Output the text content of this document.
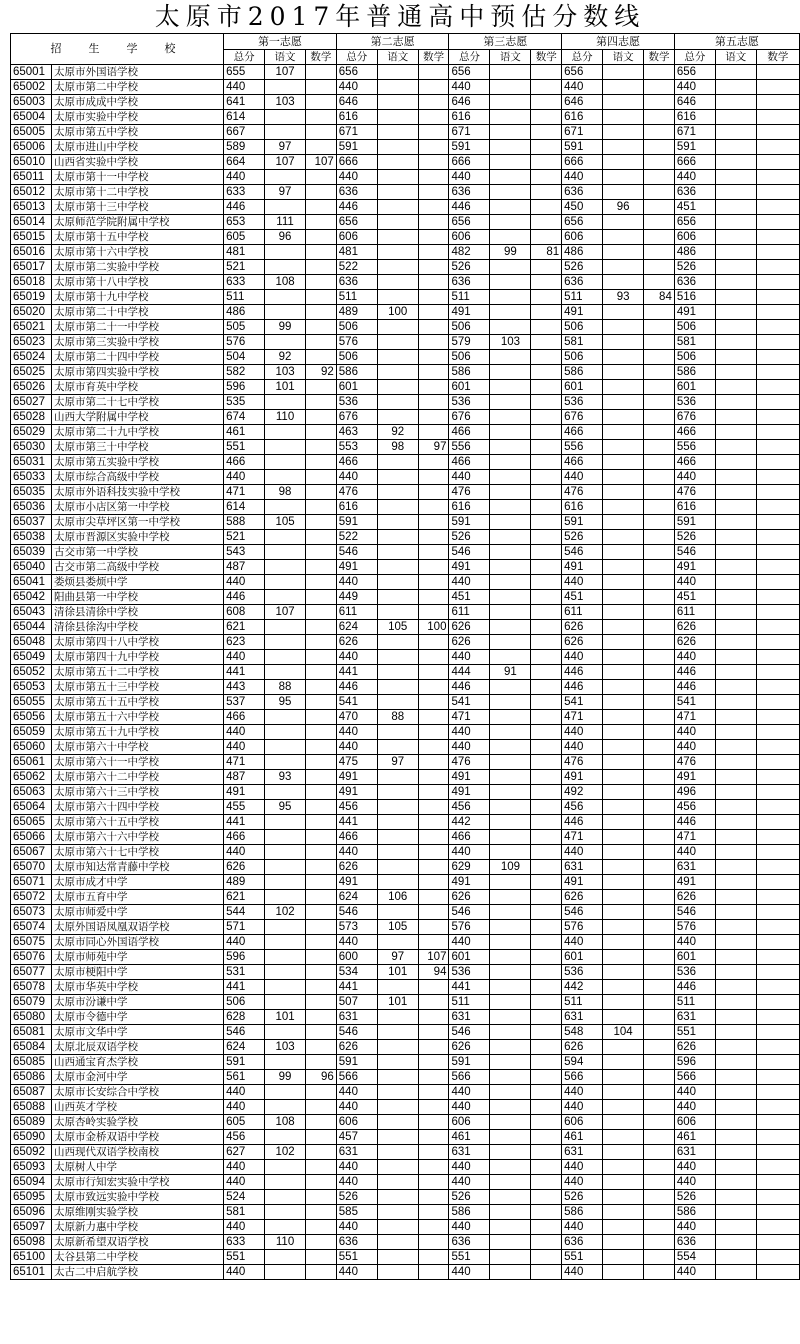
太原市2017年普通高中预估分数线
招　生　学　校		第一志愿			第二志愿			第三志愿			第四志愿			第五志愿		
		总分	语文	数学	总分	语文	数学	总分	语文	数学	总分	语文	数学	总分	语文	数学
65001	太原市外国语学校	655	107		656			656			656			656		
65002	太原市第二中学校	440			440			440			440			440		
65003	太原市成成中学校	641	103		646			646			646			646		
65004	太原市实验中学校	614			616			616			616			616		
65005	太原市第五中学校	667			671			671			671			671		
65006	太原市进山中学校	589	97		591			591			591			591		
65010	山西省实验中学校	664	107	107	666			666			666			666		
65011	太原市第十一中学校	440			440			440			440			440		
65012	太原市第十二中学校	633	97		636			636			636			636		
65013	太原市第十三中学校	446			446			446			450	96		451		
65014	太原师范学院附属中学校	653	111		656			656			656			656		
65015	太原市第十五中学校	605	96		606			606			606			606		
65016	太原市第十六中学校	481			481			482	99	81	486			486		
65017	太原市第二实验中学校	521			522			526			526			526		
65018	太原市第十八中学校	633	108		636			636			636			636		
65019	太原市第十九中学校	511			511			511			511	93	84	516		
65020	太原市第二十中学校	486			489	100		491			491			491		
65021	太原市第二十一中学校	505	99		506			506			506			506		
65023	太原市第三实验中学校	576			576			579	103		581			581		
65024	太原市第二十四中学校	504	92		506			506			506			506		
65025	太原市第四实验中学校	582	103	92	586			586			586			586		
65026	太原市育英中学校	596	101		601			601			601			601		
65027	太原市第二十七中学校	535			536			536			536			536		
65028	山西大学附属中学校	674	110		676			676			676			676		
65029	太原市第二十九中学校	461			463	92		466			466			466		
65030	太原市第三十中学校	551			553	98	97	556			556			556		
65031	太原市第五实验中学校	466			466			466			466			466		
65033	太原市综合高级中学校	440			440			440			440			440		
65035	太原市外语科技实验中学校	471	98		476			476			476			476		
65036	太原市小店区第一中学校	614			616			616			616			616		
65037	太原市尖草坪区第一中学校	588	105		591			591			591			591		
65038	太原市晋源区实验中学校	521			522			526			526			526		
65039	古交市第一中学校	543			546			546			546			546		
65040	古交市第二高级中学校	487			491			491			491			491		
65041	娄烦县娄烦中学	440			440			440			440			440		
65042	阳曲县第一中学校	446			449			451			451			451		
65043	清徐县清徐中学校	608	107		611			611			611			611		
65044	清徐县徐沟中学校	621			624	105	100	626			626			626		
65048	太原市第四十八中学校	623			626			626			626			626		
65049	太原市第四十九中学校	440			440			440			440			440		
65052	太原市第五十二中学校	441			441			444	91		446			446		
65053	太原市第五十三中学校	443	88		446			446			446			446		
65055	太原市第五十五中学校	537	95		541			541			541			541		
65056	太原市第五十六中学校	466			470	88		471			471			471		
65059	太原市第五十九中学校	440			440			440			440			440		
65060	太原市第六十中学校	440			440			440			440			440		
65061	太原市第六十一中学校	471			475	97		476			476			476		
65062	太原市第六十二中学校	487	93		491			491			491			491		
65063	太原市第六十三中学校	491			491			491			492			496		
65064	太原市第六十四中学校	455	95		456			456			456			456		
65065	太原市第六十五中学校	441			441			442			446			446		
65066	太原市第六十六中学校	466			466			466			471			471		
65067	太原市第六十七中学校	440			440			440			440			440		
65070	太原市知达常青藤中学校	626			626			629	109		631			631		
65071	太原市成才中学	489			491			491			491			491		
65072	太原市五育中学	621			624	106		626			626			626		
65073	太原市师爱中学	544	102		546			546			546			546		
65074	太原外国语凤凰双语学校	571			573	105		576			576			576		
65075	太原市同心外国语学校	440			440			440			440			440		
65076	太原市师苑中学	596			600	97	107	601			601			601		
65077	太原市梗阳中学	531			534	101	94	536			536			536		
65078	太原市华英中学校	441			441			441			442			446		
65079	太原市汾谦中学	506			507	101		511			511			511		
65080	太原市令德中学	628	101		631			631			631			631		
65081	太原市文华中学	546			546			546			548	104		551		
65084	太原北辰双语学校	624	103		626			626			626			626		
65085	山西通宝育杰学校	591			591			591			594			596		
65086	太原市金河中学	561	99	96	566			566			566			566		
65087	太原市长安综合中学校	440			440			440			440			440		
65088	山西英才学校	440			440			440			440			440		
65089	太原杏岭实验学校	605	108		606			606			606			606		
65090	太原市金桥双语中学校	456			457			461			461			461		
65092	山西现代双语学校南校	627	102		631			631			631			631		
65093	太原树人中学	440			440			440			440			440		
65094	太原市行知宏实验中学校	440			440			440			440			440		
65095	太原市致远实验中学校	524			526			526			526			526		
65096	太原维刚实验学校	581			585			586			586			586		
65097	太原新力惠中学校	440			440			440			440			440		
65098	太原新希望双语学校	633	110		636			636			636			636		
65100	太谷县第二中学校	551			551			551			551			554		
65101	太古二中启航学校	440			440			440			440			440		
